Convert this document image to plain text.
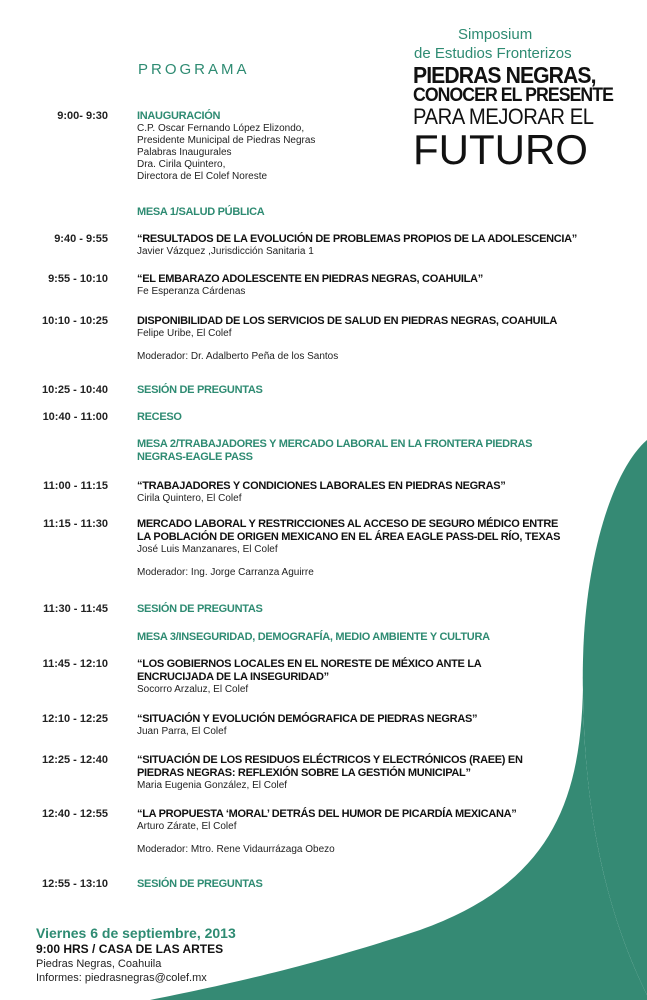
Simposium
de Estudios Fronterizos
PIEDRAS NEGRAS,
CONOCER EL PRESENTE
PARA MEJORAR EL
FUTURO
PROGRAMA
9:00- 9:30	INAUGURACIÓN
C.P. Oscar Fernando López Elizondo,
Presidente Municipal de Piedras Negras
Palabras Inaugurales
Dra. Cirila Quintero,
Directora de El Colef Noreste
MESA 1/SALUD PÚBLICA
9:40 - 9:55	“RESULTADOS DE LA EVOLUCIÓN DE PROBLEMAS PROPIOS DE LA ADOLESCENCIA”
Javier Vázquez ,Jurisdicción Sanitaria 1
9:55 - 10:10	“EL EMBARAZO ADOLESCENTE EN PIEDRAS NEGRAS, COAHUILA”
Fe Esperanza Cárdenas
10:10 - 10:25	DISPONIBILIDAD DE LOS SERVICIOS DE SALUD EN PIEDRAS NEGRAS, COAHUILA
Felipe Uribe, El Colef
Moderador: Dr. Adalberto Peña de los Santos
10:25 - 10:40	SESIÓN DE PREGUNTAS
10:40 - 11:00	RECESO
MESA 2/TRABAJADORES Y MERCADO LABORAL EN LA FRONTERA PIEDRAS
NEGRAS-EAGLE PASS
11:00 - 11:15	“TRABAJADORES Y CONDICIONES LABORALES EN PIEDRAS NEGRAS”
Cirila Quintero, El Colef
11:15 - 11:30	MERCADO LABORAL Y RESTRICCIONES AL ACCESO DE SEGURO MÉDICO ENTRE
LA POBLACIÓN DE ORIGEN MEXICANO EN EL ÁREA EAGLE PASS-DEL RÍO, TEXAS
José Luis Manzanares, El Colef
Moderador: Ing. Jorge Carranza Aguirre
11:30 - 11:45	SESIÓN DE PREGUNTAS
MESA 3/INSEGURIDAD, DEMOGRAFÍA, MEDIO AMBIENTE Y CULTURA
11:45 - 12:10	“LOS GOBIERNOS LOCALES EN EL NORESTE DE MÉXICO ANTE LA
ENCRUCIJADA DE LA INSEGURIDAD”
Socorro Arzaluz, El Colef
12:10 - 12:25	“SITUACIÓN Y EVOLUCIÓN DEMÓGRAFICA DE PIEDRAS NEGRAS”
Juan Parra, El Colef
12:25 - 12:40	“SITUACIÓN DE LOS RESIDUOS ELÉCTRICOS Y ELECTRÓNICOS (RAEE) EN
PIEDRAS NEGRAS: REFLEXIÓN SOBRE LA GESTIÓN MUNICIPAL”
Maria Eugenia González, El Colef
12:40 - 12:55	“LA PROPUESTA ‘MORAL’ DETRÁS DEL HUMOR DE PICARDÍA MEXICANA”
Arturo Zárate, El Colef
Moderador: Mtro. Rene Vidaurrázaga Obezo
12:55 - 13:10	SESIÓN DE PREGUNTAS
Viernes 6 de septiembre, 2013
9:00 HRS / CASA DE LAS ARTES
Piedras Negras, Coahuila
Informes: piedrasnegras@colef.mx
